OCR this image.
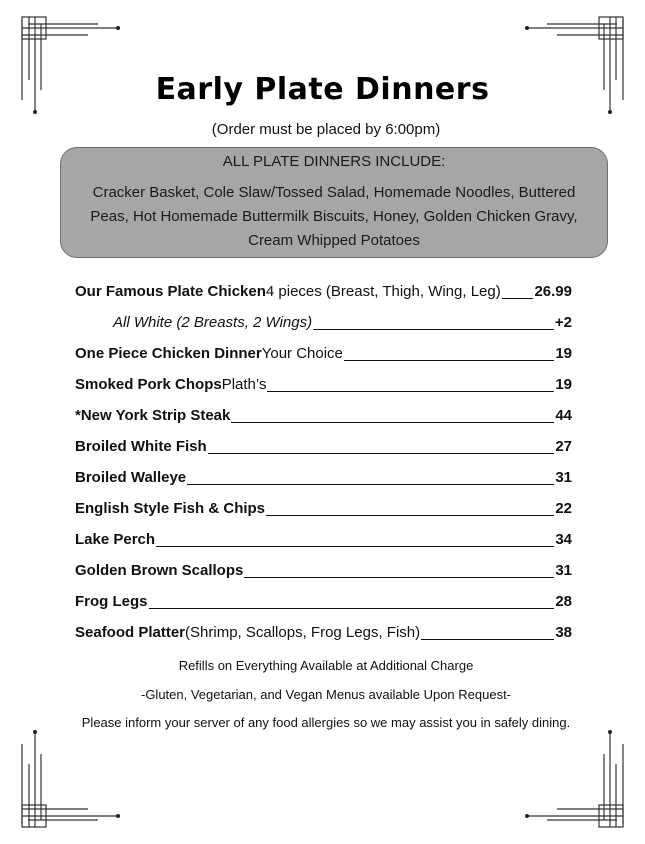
Early Plate Dinners
(Order must be placed by 6:00pm)
ALL PLATE DINNERS INCLUDE:
Cracker Basket, Cole Slaw/Tossed Salad, Homemade Noodles, Buttered Peas, Hot Homemade Buttermilk Biscuits, Honey, Golden Chicken Gravy, Cream Whipped Potatoes
Our Famous Plate Chicken 4 pieces (Breast, Thigh, Wing, Leg) 26.99
All White (2 Breasts, 2 Wings)	+2
One Piece Chicken Dinner Your Choice	19
Smoked Pork Chops Plath’s	19
*New York Strip Steak	44
Broiled White Fish	27
Broiled Walleye	31
English Style Fish & Chips	22
Lake Perch	34
Golden Brown Scallops	31
Frog Legs	28
Seafood Platter (Shrimp, Scallops, Frog Legs, Fish)	38
Refills on Everything Available at Additional Charge
-Gluten, Vegetarian, and Vegan Menus available Upon Request-
Please inform your server of any food allergies so we may assist you in safely dining.
